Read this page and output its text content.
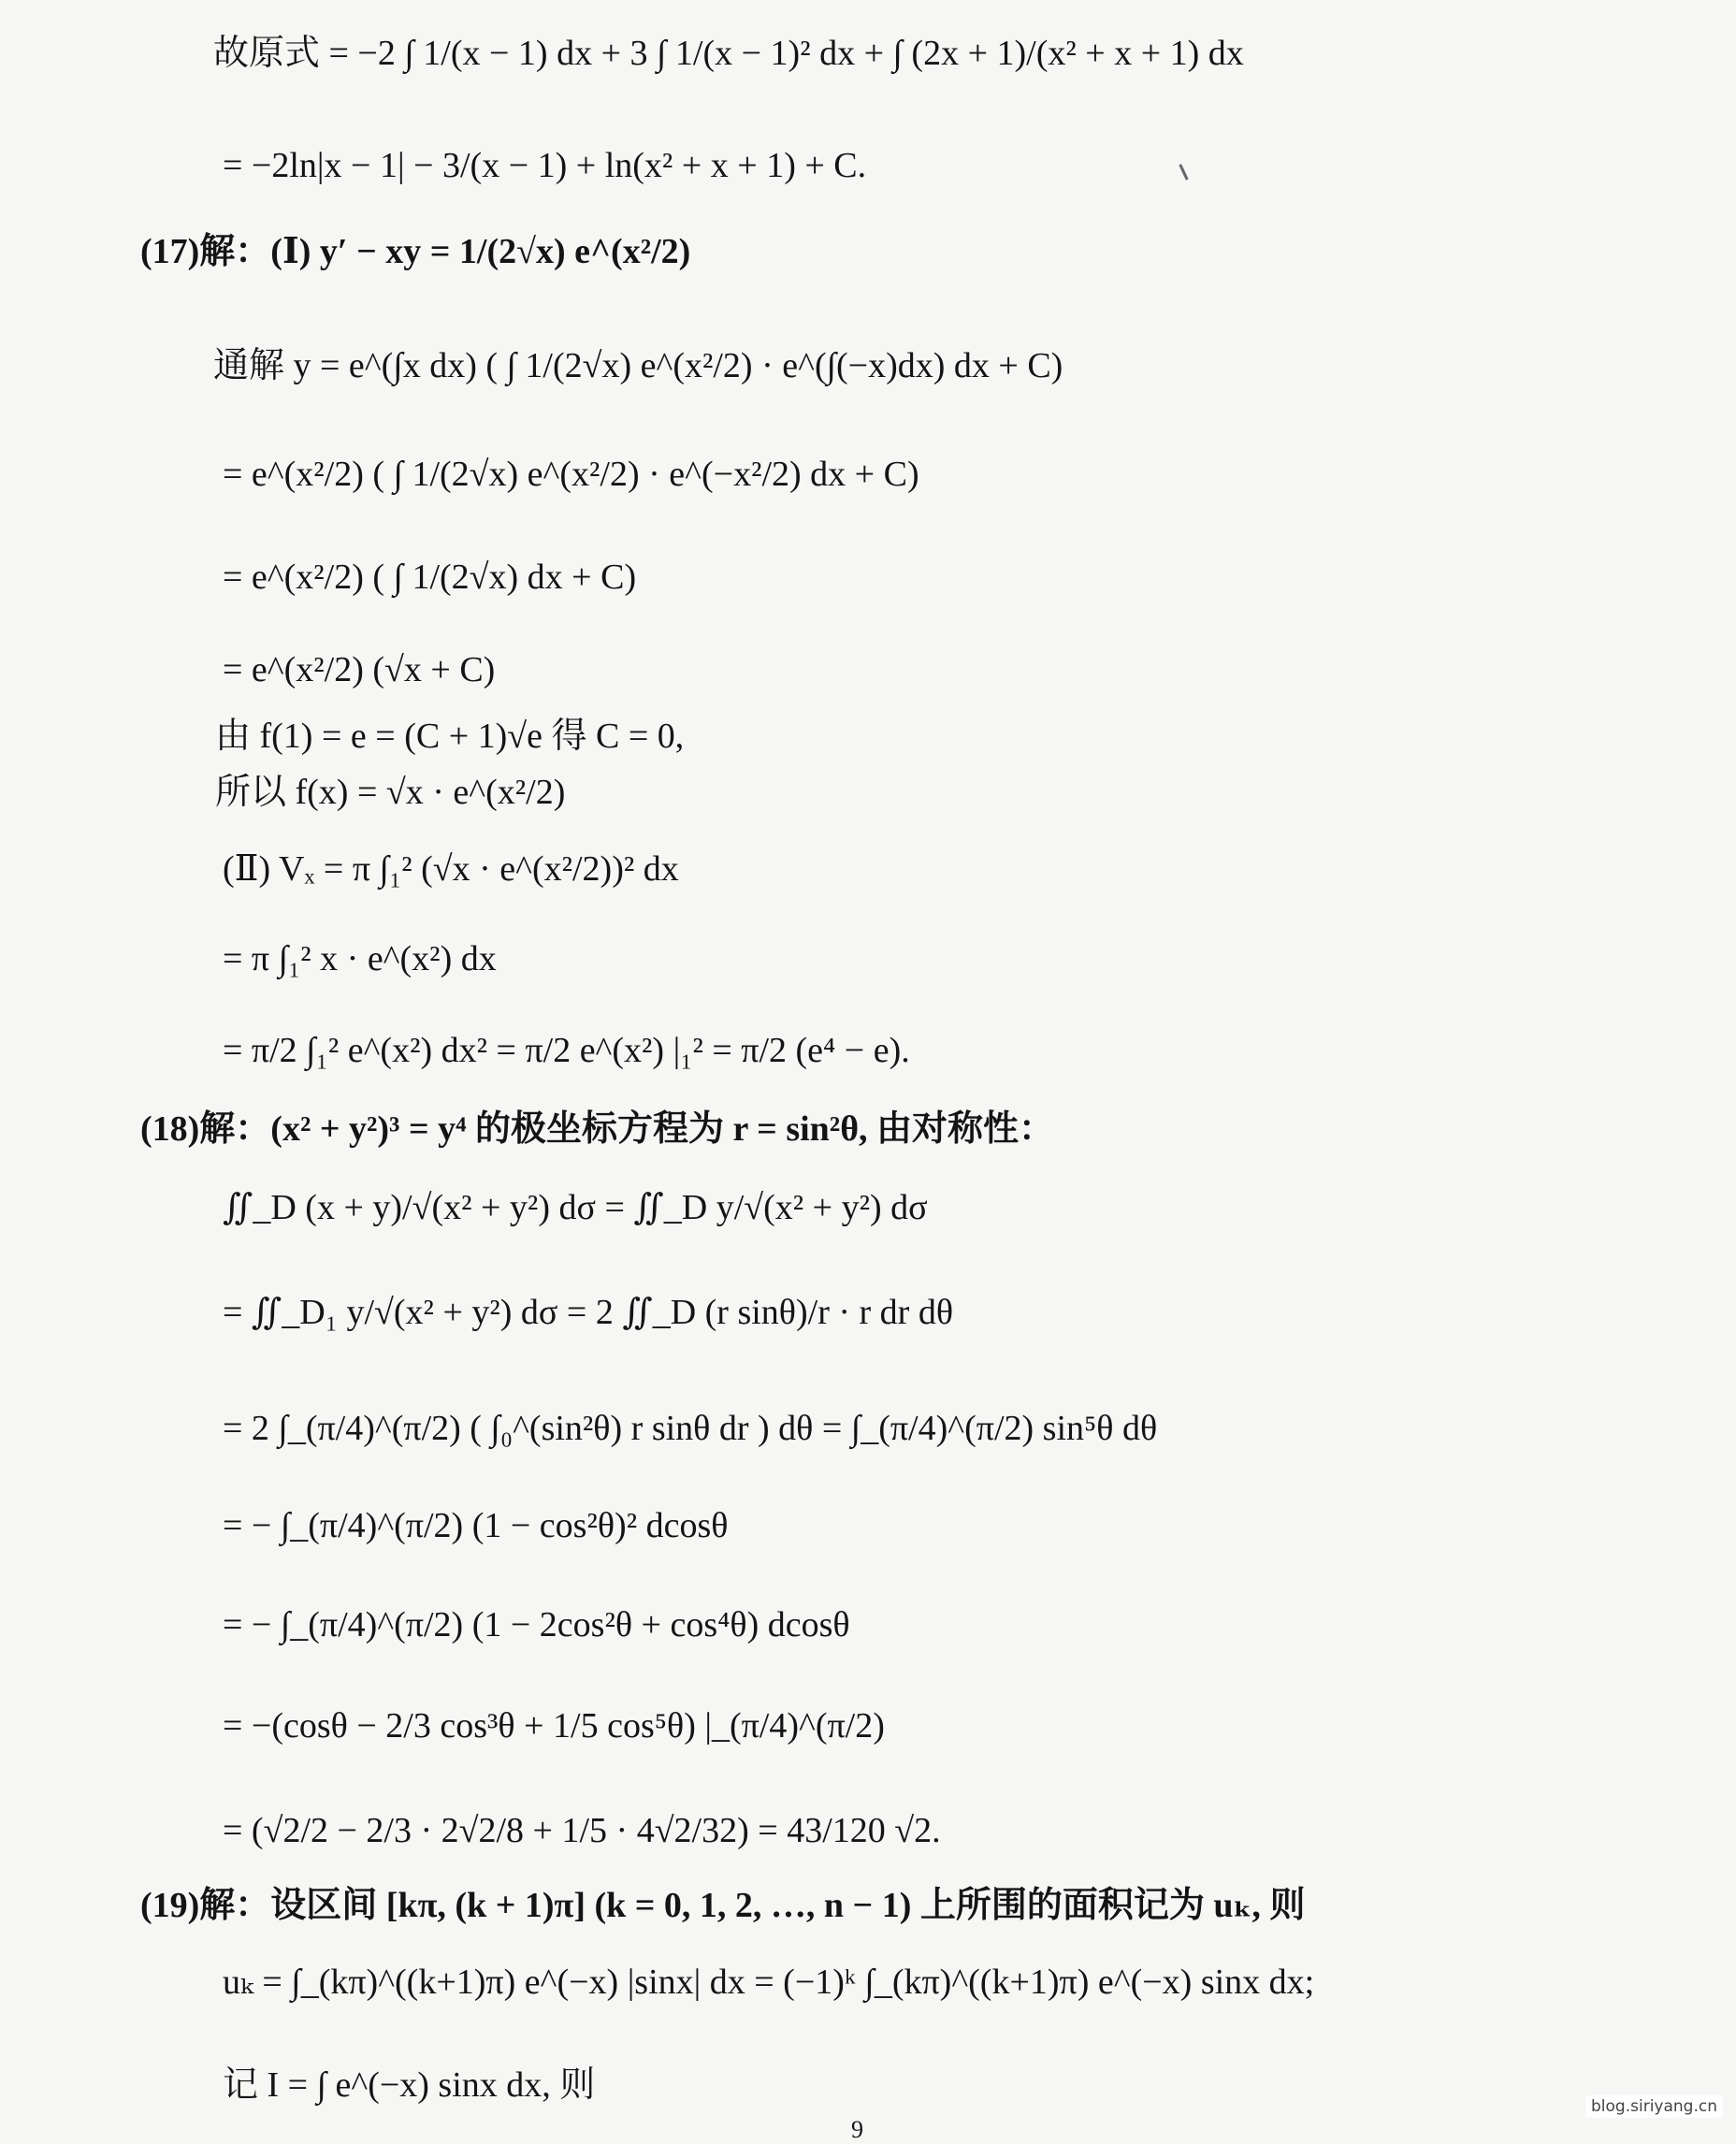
故原式 = −2 ∫ 1/(x − 1) dx + 3 ∫ 1/(x − 1)² dx + ∫ (2x + 1)/(x² + x + 1) dx
= −2ln|x − 1| − 3/(x − 1) + ln(x² + x + 1) + C.
(17)解：(Ⅰ) y′ − xy = 1/(2√x) e^(x²/2)
通解 y = e^(∫x dx) ( ∫ 1/(2√x) e^(x²/2) · e^(∫(−x)dx) dx + C)
= e^(x²/2) ( ∫ 1/(2√x) e^(x²/2) · e^(−x²/2) dx + C)
= e^(x²/2) ( ∫ 1/(2√x) dx + C)
= e^(x²/2) (√x + C)
由 f(1) = e = (C + 1)√e 得 C = 0,
所以 f(x) = √x · e^(x²/2)
(Ⅱ) Vₓ = π ∫₁² (√x · e^(x²/2))² dx
= π ∫₁² x · e^(x²) dx
= π/2 ∫₁² e^(x²) dx² = π/2 e^(x²) |₁² = π/2 (e⁴ − e).
(18)解：(x² + y²)³ = y⁴ 的极坐标方程为 r = sin²θ, 由对称性：
∬_D (x + y)/√(x² + y²) dσ = ∬_D y/√(x² + y²) dσ
= ∬_D₁ y/√(x² + y²) dσ = 2 ∬_D (r sinθ)/r · r dr dθ
= 2 ∫_(π/4)^(π/2) ( ∫₀^(sin²θ) r sinθ dr ) dθ = ∫_(π/4)^(π/2) sin⁵θ dθ
= − ∫_(π/4)^(π/2) (1 − cos²θ)² dcosθ
= − ∫_(π/4)^(π/2) (1 − 2cos²θ + cos⁴θ) dcosθ
= −(cosθ − 2/3 cos³θ + 1/5 cos⁵θ) |_(π/4)^(π/2)
= (√2/2 − 2/3 · 2√2/8 + 1/5 · 4√2/32) = 43/120 √2.
(19)解：设区间 [kπ, (k + 1)π] (k = 0, 1, 2, …, n − 1) 上所围的面积记为 uₖ, 则
uₖ = ∫_(kπ)^((k+1)π) e^(−x) |sinx| dx = (−1)ᵏ ∫_(kπ)^((k+1)π) e^(−x) sinx dx;
记 I = ∫ e^(−x) sinx dx, 则
9
blog.siriyang.cn
